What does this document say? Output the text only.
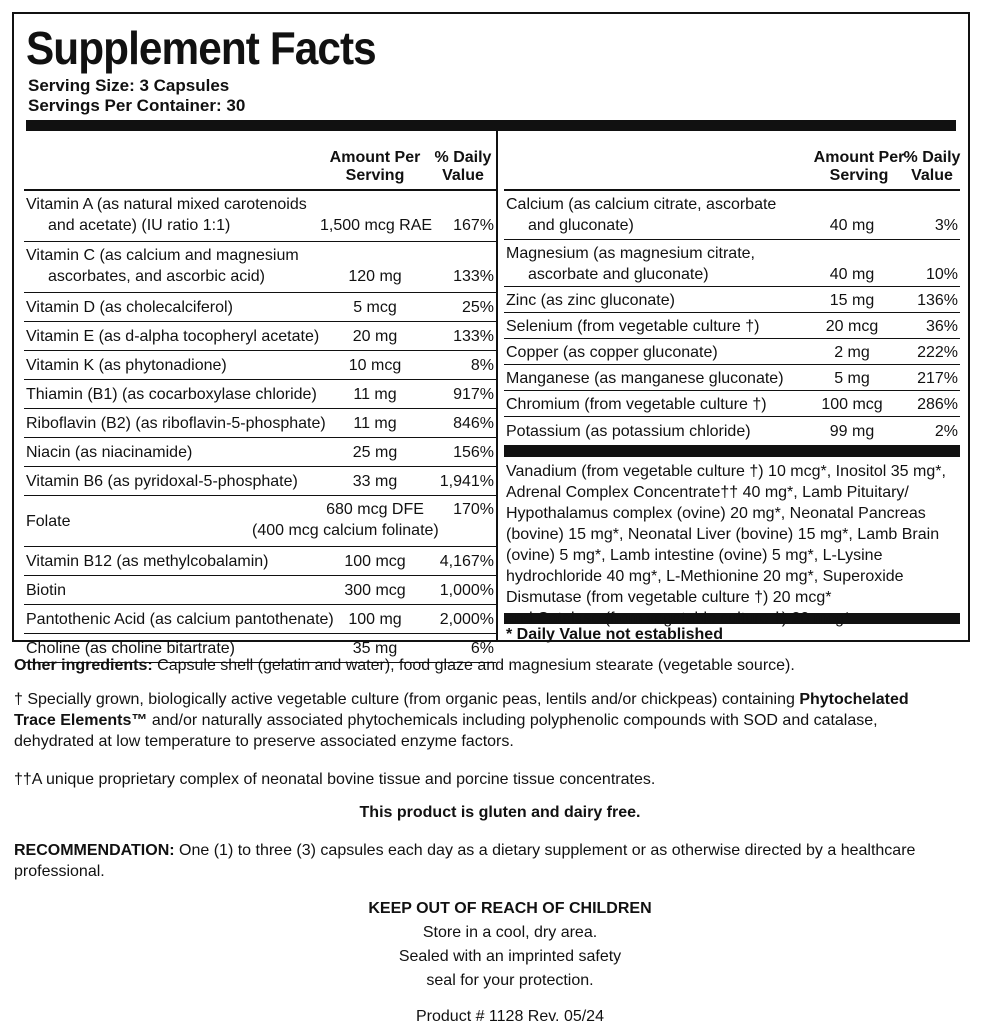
Supplement Facts
Serving Size: 3 Capsules
Servings Per Container: 30
Amount Per
Serving
% Daily
Value
Vitamin A (as natural mixed carotenoids
and acetate) (IU ratio 1:1)	1,500 mcg RAE 167%
Vitamin C (as calcium and magnesium
ascorbates, and ascorbic acid)	120 mg	133%
Vitamin D (as cholecalciferol)	5 mcg	25%
Vitamin E (as d-alpha tocopheryl acetate)	20 mg	133%
Vitamin K (as phytonadione)	10 mcg	8%
Thiamin (B1) (as cocarboxylase chloride)	11 mg	917%
Riboflavin (B2) (as riboflavin-5-phosphate)	11 mg	846%
Niacin (as niacinamide)	25 mg	156%
Vitamin B6 (as pyridoxal-5-phosphate)	33 mg	1,941%
Folate
680 mcg DFE	170%
(400 mcg calcium folinate)
Vitamin B12 (as methylcobalamin)	100 mcg	4,167%
Biotin	300 mcg	1,000%
Pantothenic Acid (as calcium pantothenate) 100 mg	2,000%
Choline (as choline bitartrate)	35 mg	6%
Amount Per
Serving
% Daily
Value
Calcium (as calcium citrate, ascorbate
and gluconate)	40 mg	3%
Magnesium (as magnesium citrate,
ascorbate and gluconate)	40 mg	10%
Zinc (as zinc gluconate)	15 mg	136%
Selenium (from vegetable culture †)	20 mcg	36%
Copper (as copper gluconate)	2 mg	222%
Manganese (as manganese gluconate)	5 mg	217%
Chromium (from vegetable culture †)	100 mcg	286%
Potassium (as potassium chloride)	99 mg	2%
Vanadium (from vegetable culture †) 10 mcg*, Inositol 35 mg*,
Adrenal Complex Concentrate†† 40 mg*, Lamb Pituitary/
Hypothalamus complex (ovine) 20 mg*, Neonatal Pancreas
(bovine) 15 mg*, Neonatal Liver (bovine) 15 mg*, Lamb Brain
(ovine) 5 mg*, Lamb intestine (ovine) 5 mg*, L-Lysine
hydrochloride 40 mg*, L-Methionine 20 mg*, Superoxide
Dismutase (from vegetable culture †) 20 mcg*
and Catalase (from vegetable culture †) 20 mcg*
* Daily Value not established
Other ingredients: Capsule shell (gelatin and water), food glaze and magnesium stearate (vegetable source).
† Specially grown, biologically active vegetable culture (from organic peas, lentils and/or chickpeas) containing Phytochelated
Trace Elements™ and/or naturally associated phytochemicals including polyphenolic compounds with SOD and catalase,
dehydrated at low temperature to preserve associated enzyme factors.
††A unique proprietary complex of neonatal bovine tissue and porcine tissue concentrates.
This product is gluten and dairy free.
RECOMMENDATION: One (1) to three (3) capsules each day as a dietary supplement or as otherwise directed by a healthcare
professional.
KEEP OUT OF REACH OF CHILDREN
Store in a cool, dry area.
Sealed with an imprinted safety
seal for your protection.
Product # 1128 Rev. 05/24
